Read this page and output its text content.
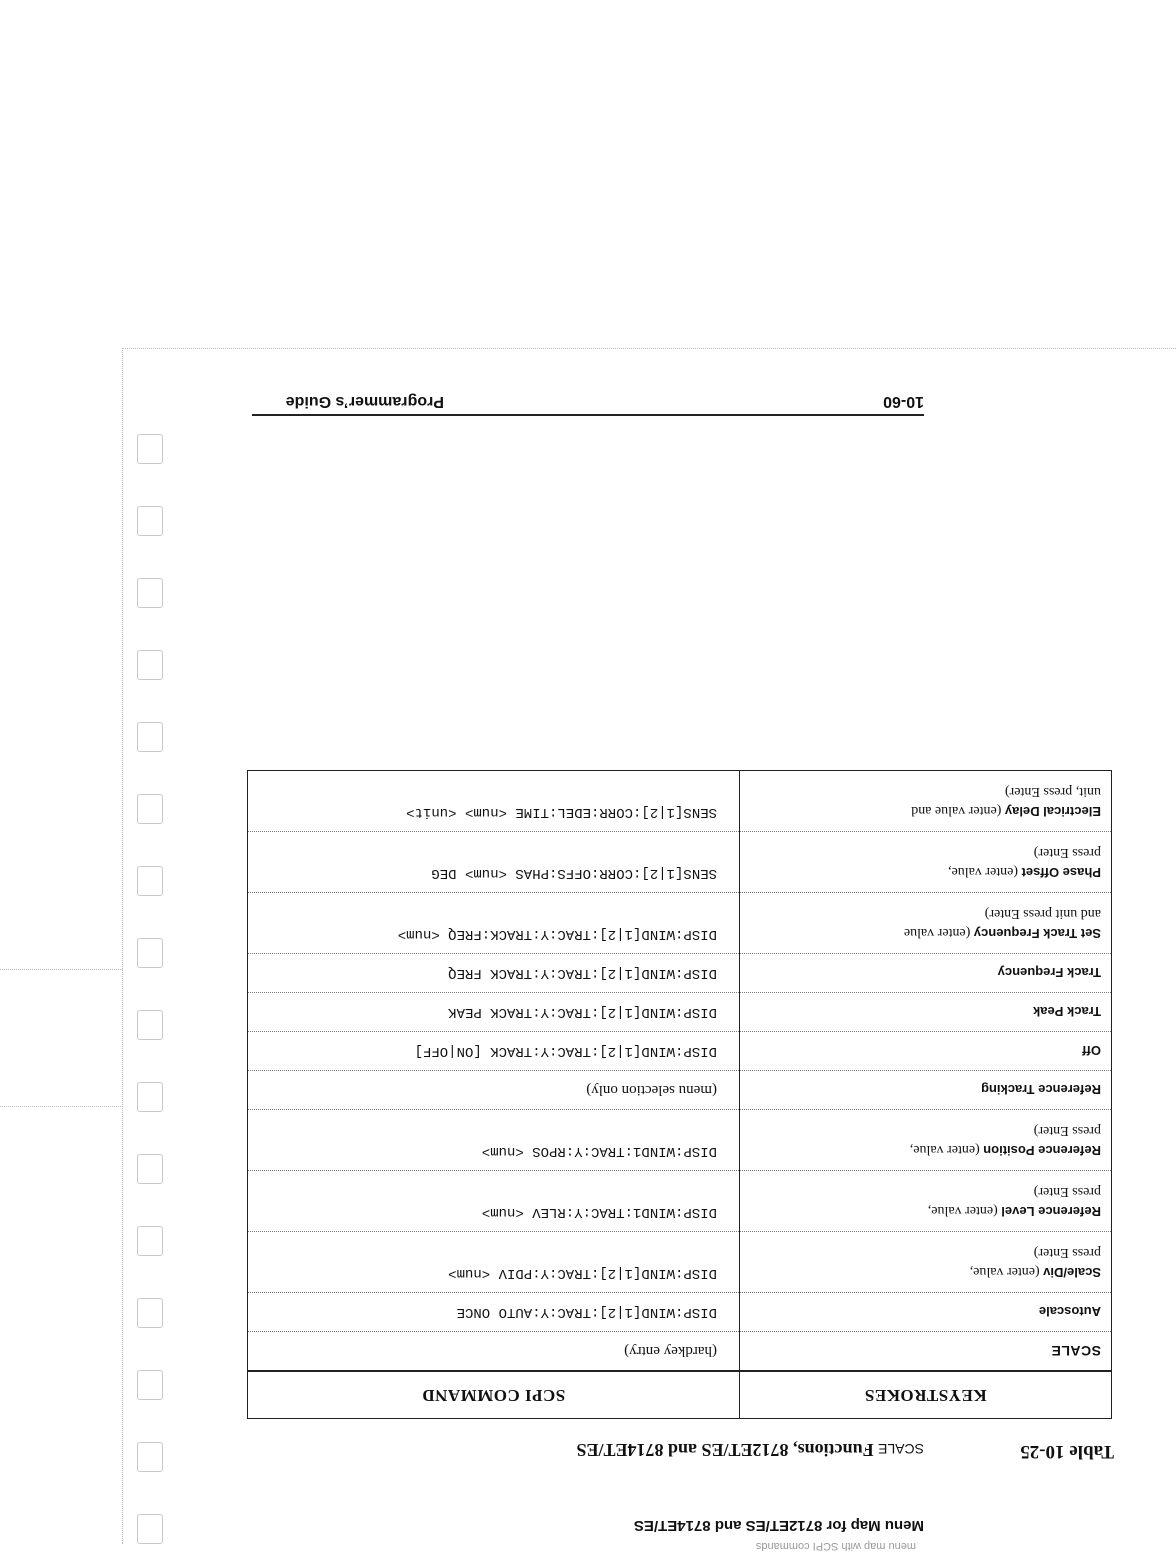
menu map with SCPI commands
Menu Map for 8712ET/ES and 8714ET/ES
Table 10-25
SCALE Functions, 8712ET/ES and 8714ET/ES
KEYSTROKES	SCPI COMMAND

SCALE	(hardkey entry)

Autoscale	DISP:WIND[1|2]:TRAC:Y:AUTO ONCE

Scale/Div (enter value,
press Enter)	DISP:WIND[1|2]:TRAC:Y:PDIV <num>

Reference Level (enter value,
press Enter)	DISP:WIND1:TRAC:Y:RLEV <num>

Reference Position (enter value,
press Enter)	DISP:WIND1:TRAC:Y:RPOS <num>

Reference Tracking	(menu selection only)

Off	DISP:WIND[1|2]:TRAC:Y:TRACK [ON|OFF]

Track Peak	DISP:WIND[1|2]:TRAC:Y:TRACK PEAK

Track Frequency	DISP:WIND[1|2]:TRAC:Y:TRACK FREQ

Set Track Frequency (enter value
and unit press Enter)	DISP:WIND[1|2]:TRAC:Y:TRACK:FREQ <num>

Phase Offset (enter value,
press Enter)	SENS[1|2]:CORR:OFFS:PHAS <num> DEG

Electrical Delay (enter value and
unit, press Enter)	SENS[1|2]:CORR:EDEL:TIME <num> <unit>
10-60
Programmer’s Guide
